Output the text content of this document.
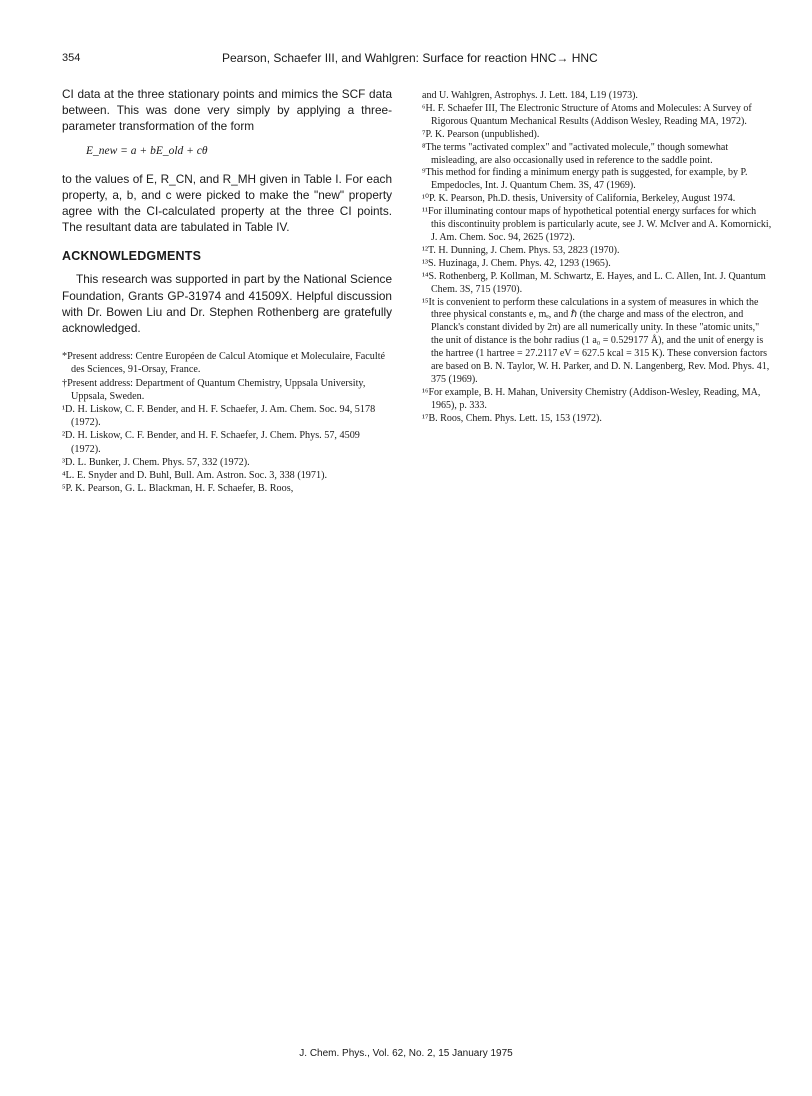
354	Pearson, Schaefer III, and Wahlgren: Surface for reaction HNC→ HNC

CI data at the three stationary points and mimics the SCF data between. This was done very simply by applying a three-parameter transformation of the form

E_new = a + bE_old + cθ

to the values of E, R_CN, and R_MH given in Table I. For each property, a, b, and c were picked to make the "new" property agree with the CI-calculated property at the three CI points. The resultant data are tabulated in Table IV.

ACKNOWLEDGMENTS

This research was supported in part by the National Science Foundation, Grants GP-31974 and 41509X. Helpful discussion with Dr. Bowen Liu and Dr. Stephen Rothenberg are gratefully acknowledged.

*Present address: Centre Européen de Calcul Atomique et Moleculaire, Faculté des Sciences, 91-Orsay, France.

†Present address: Department of Quantum Chemistry, Uppsala University, Uppsala, Sweden.

¹D. H. Liskow, C. F. Bender, and H. F. Schaefer, J. Am. Chem. Soc. 94, 5178 (1972).

²D. H. Liskow, C. F. Bender, and H. F. Schaefer, J. Chem. Phys. 57, 4509 (1972).

³D. L. Bunker, J. Chem. Phys. 57, 332 (1972).

⁴L. E. Snyder and D. Buhl, Bull. Am. Astron. Soc. 3, 338 (1971).

⁵P. K. Pearson, G. L. Blackman, H. F. Schaefer, B. Roos,

and U. Wahlgren, Astrophys. J. Lett. 184, L19 (1973).

⁶H. F. Schaefer III, The Electronic Structure of Atoms and Molecules: A Survey of Rigorous Quantum Mechanical Results (Addison Wesley, Reading MA, 1972).

⁷P. K. Pearson (unpublished).

⁸The terms "activated complex" and "activated molecule," though somewhat misleading, are also occasionally used in reference to the saddle point.

⁹This method for finding a minimum energy path is suggested, for example, by P. Empedocles, Int. J. Quantum Chem. 3S, 47 (1969).

¹⁰P. K. Pearson, Ph.D. thesis, University of California, Berkeley, August 1974.

¹¹For illuminating contour maps of hypothetical potential energy surfaces for which this discontinuity problem is particularly acute, see J. W. McIver and A. Komornicki, J. Am. Chem. Soc. 94, 2625 (1972).

¹²T. H. Dunning, J. Chem. Phys. 53, 2823 (1970).

¹³S. Huzinaga, J. Chem. Phys. 42, 1293 (1965).

¹⁴S. Rothenberg, P. Kollman, M. Schwartz, E. Hayes, and L. C. Allen, Int. J. Quantum Chem. 3S, 715 (1970).

¹⁵It is convenient to perform these calculations in a system of measures in which the three physical constants e, mₑ, and ℏ (the charge and mass of the electron, and Planck's constant divided by 2π) are all numerically unity. In these "atomic units," the unit of distance is the bohr radius (1 a₀ = 0.529177 Å), and the unit of energy is the hartree (1 hartree = 27.2117 eV = 627.5 kcal = 315 K). These conversion factors are based on B. N. Taylor, W. H. Parker, and D. N. Langenberg, Rev. Mod. Phys. 41, 375 (1969).

¹⁶For example, B. H. Mahan, University Chemistry (Addison-Wesley, Reading, MA, 1965), p. 333.

¹⁷B. Roos, Chem. Phys. Lett. 15, 153 (1972).

J. Chem. Phys., Vol. 62, No. 2, 15 January 1975
